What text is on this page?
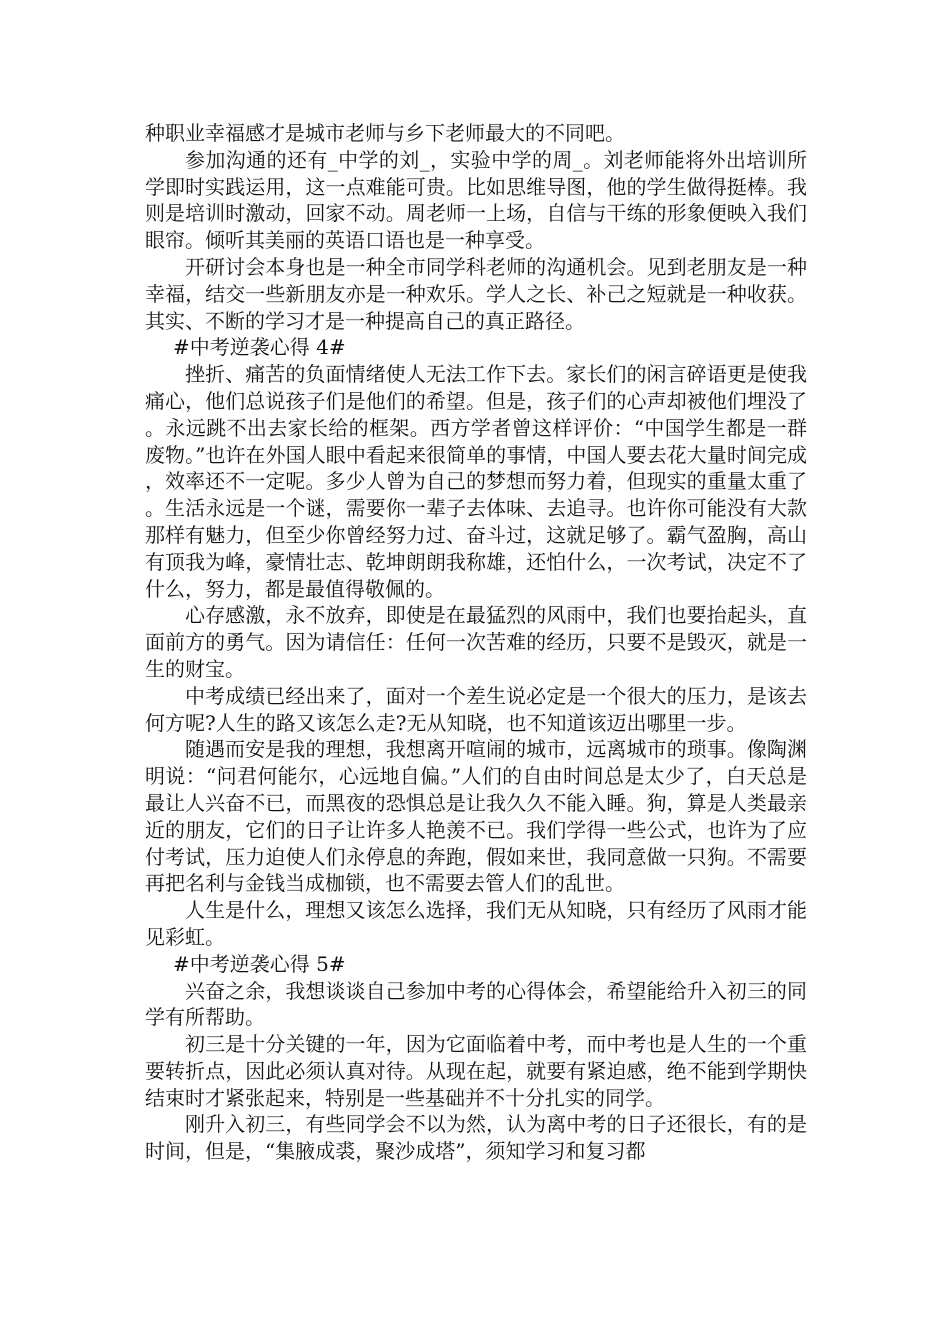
种职业幸福感才是城市老师与乡下老师最大的不同吧。

参加沟通的还有_中学的刘_，实验中学的周_。刘老师能将外出培训所学即时实践运用，这一点难能可贵。比如思维导图，他的学生做得挺棒。我则是培训时激动，回家不动。周老师一上场，自信与干练的形象便映入我们眼帘。倾听其美丽的英语口语也是一种享受。

开研讨会本身也是一种全市同学科老师的沟通机会。见到老朋友是一种幸福，结交一些新朋友亦是一种欢乐。学人之长、补己之短就是一种收获。其实、不断的学习才是一种提高自己的真正路径。

#中考逆袭心得 4#

挫折、痛苦的负面情绪使人无法工作下去。家长们的闲言碎语更是使我痛心，他们总说孩子们是他们的希望。但是，孩子们的心声却被他们埋没了。永远跳不出去家长给的框架。西方学者曾这样评价：“中国学生都是一群废物。”也许在外国人眼中看起来很简单的事情，中国人要去花大量时间完成，效率还不一定呢。多少人曾为自己的梦想而努力着，但现实的重量太重了。生活永远是一个谜，需要你一辈子去体味、去追寻。也许你可能没有大款那样有魅力，但至少你曾经努力过、奋斗过，这就足够了。霸气盈胸，高山有顶我为峰，豪情壮志、乾坤朗朗我称雄，还怕什么，一次考试，决定不了什么，努力，都是最值得敬佩的。

心存感激，永不放弃，即使是在最猛烈的风雨中，我们也要抬起头，直面前方的勇气。因为请信任：任何一次苦难的经历，只要不是毁灭，就是一生的财宝。

中考成绩已经出来了，面对一个差生说必定是一个很大的压力，是该去何方呢?人生的路又该怎么走?无从知晓，也不知道该迈出哪里一步。

随遇而安是我的理想，我想离开喧闹的城市，远离城市的琐事。像陶渊明说：“问君何能尔，心远地自偏。”人们的自由时间总是太少了，白天总是最让人兴奋不已，而黑夜的恐惧总是让我久久不能入睡。狗，算是人类最亲近的朋友，它们的日子让许多人艳羡不已。我们学得一些公式，也许为了应付考试，压力迫使人们永停息的奔跑，假如来世，我同意做一只狗。不需要再把名利与金钱当成枷锁，也不需要去管人们的乱世。

人生是什么，理想又该怎么选择，我们无从知晓，只有经历了风雨才能见彩虹。

#中考逆袭心得 5#

兴奋之余，我想谈谈自己参加中考的心得体会，希望能给升入初三的同学有所帮助。

初三是十分关键的一年，因为它面临着中考，而中考也是人生的一个重要转折点，因此必须认真对待。从现在起，就要有紧迫感，绝不能到学期快结束时才紧张起来，特别是一些基础并不十分扎实的同学。

刚升入初三，有些同学会不以为然，认为离中考的日子还很长，有的是时间，但是，“集腋成裘，聚沙成塔”，须知学习和复习都
